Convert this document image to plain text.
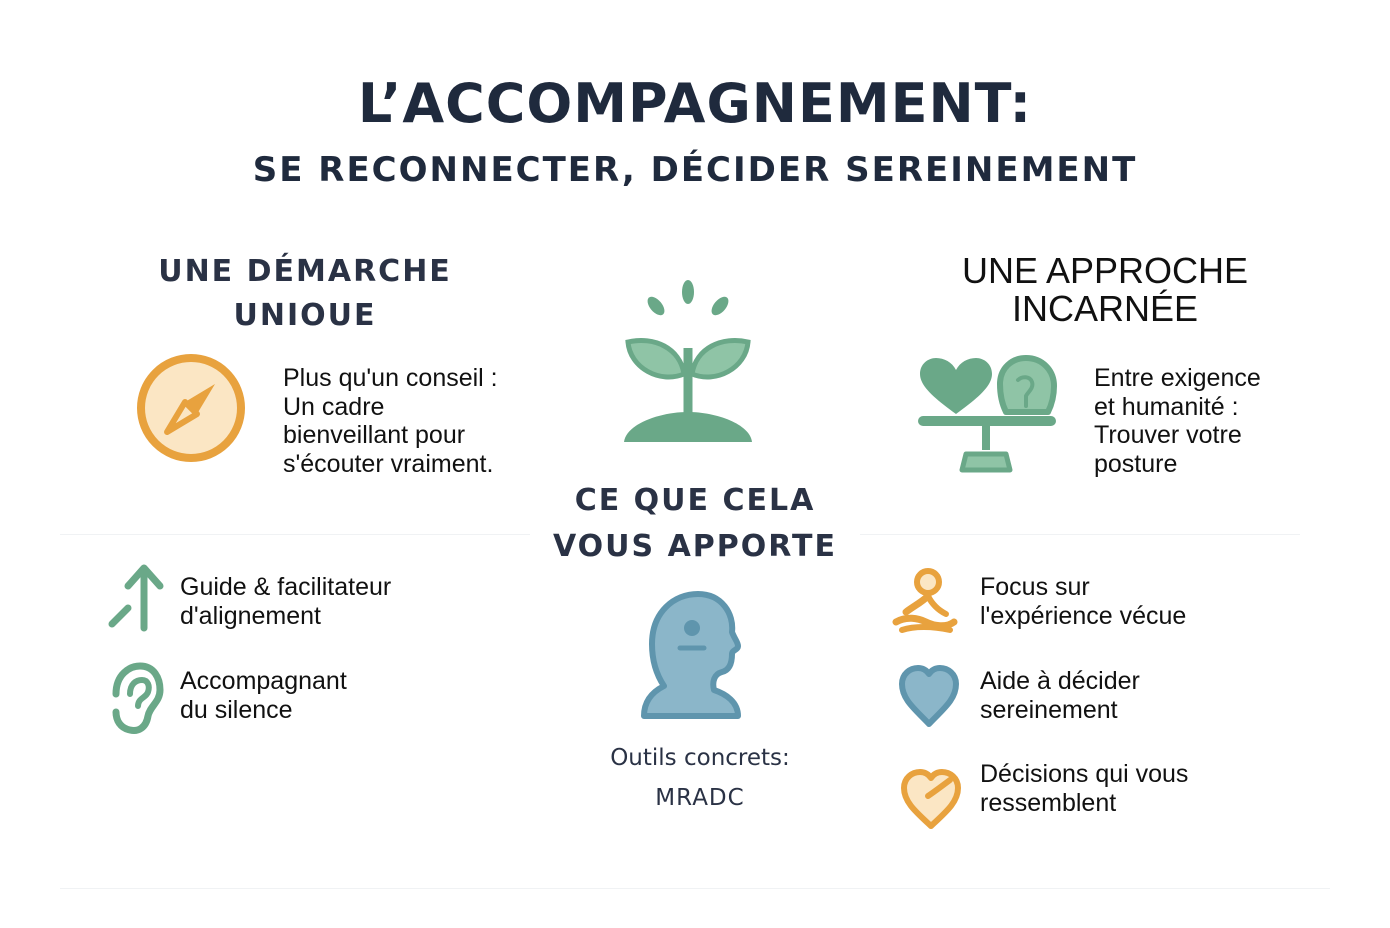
L’ACCOMPAGNEMENT:
SE RECONNECTER, DÉCIDER SEREINEMENT
UNE DÉMARCHE
UNIOUE
Plus qu'un conseil :
Un cadre
bienveillant pour
s'écouter vraiment.
Guide & facilitateur
d'alignement
Accompagnant
du silence
CE QUE CELA
VOUS APPORTE
Outils concrets:
MRADC
UNE APPROCHE
INCARNÉE
Entre exigence
et humanité :
Trouver votre
posture
Focus sur
l'expérience vécue
Aide à décider
sereinement
Décisions qui vous
ressemblent
